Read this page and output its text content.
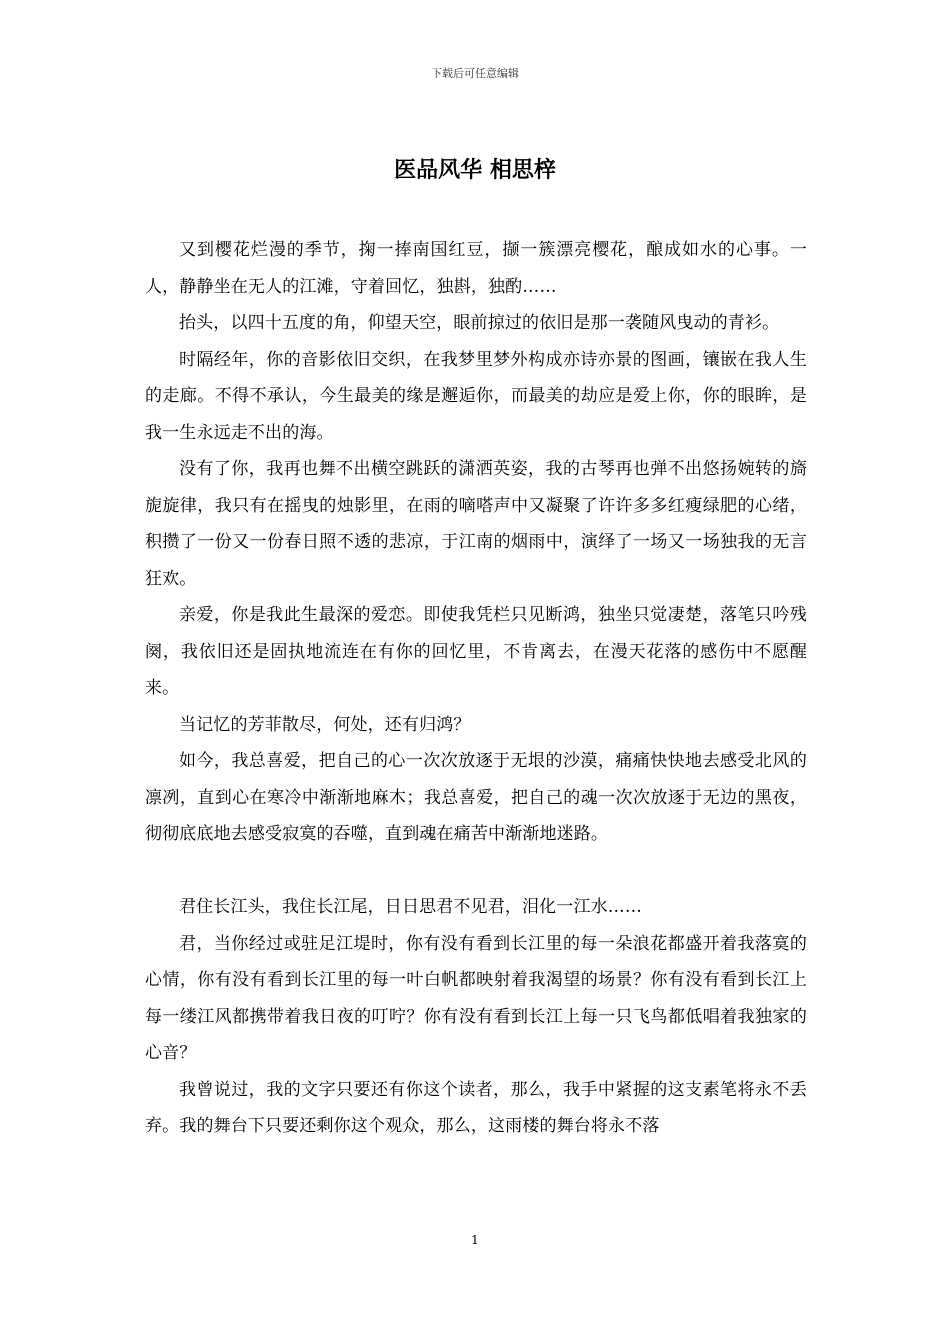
下载后可任意编辑
医品风华 相思梓

又到樱花烂漫的季节，掬一捧南国红豆，撷一簇漂亮樱花，酿成如水的心事。一人，静静坐在无人的江滩，守着回忆，独斟，独酌……

抬头，以四十五度的角，仰望天空，眼前掠过的依旧是那一袭随风曳动的青衫。

时隔经年，你的音影依旧交织，在我梦里梦外构成亦诗亦景的图画，镶嵌在我人生的走廊。不得不承认，今生最美的缘是邂逅你，而最美的劫应是爱上你，你的眼眸，是我一生永远走不出的海。

没有了你，我再也舞不出横空跳跃的潇洒英姿，我的古琴再也弹不出悠扬婉转的旖旎旋律，我只有在摇曳的烛影里，在雨的嘀嗒声中又凝聚了许许多多红瘦绿肥的心绪，积攒了一份又一份春日照不透的悲凉，于江南的烟雨中，演绎了一场又一场独我的无言狂欢。

亲爱，你是我此生最深的爱恋。即使我凭栏只见断鸿，独坐只觉凄楚，落笔只吟残阕，我依旧还是固执地流连在有你的回忆里，不肯离去，在漫天花落的感伤中不愿醒来。

当记忆的芳菲散尽，何处，还有归鸿？

如今，我总喜爱，把自己的心一次次放逐于无垠的沙漠，痛痛快快地去感受北风的凛冽，直到心在寒冷中渐渐地麻木；我总喜爱，把自己的魂一次次放逐于无边的黑夜，彻彻底底地去感受寂寞的吞噬，直到魂在痛苦中渐渐地迷路。

君住长江头，我住长江尾，日日思君不见君，泪化一江水……

君，当你经过或驻足江堤时，你有没有看到长江里的每一朵浪花都盛开着我落寞的心情，你有没有看到长江里的每一叶白帆都映射着我渴望的场景？你有没有看到长江上每一缕江风都携带着我日夜的叮咛？你有没有看到长江上每一只飞鸟都低唱着我独家的心音？

我曾说过，我的文字只要还有你这个读者，那么，我手中紧握的这支素笔将永不丢弃。我的舞台下只要还剩你这个观众，那么，这雨楼的舞台将永不落

1
